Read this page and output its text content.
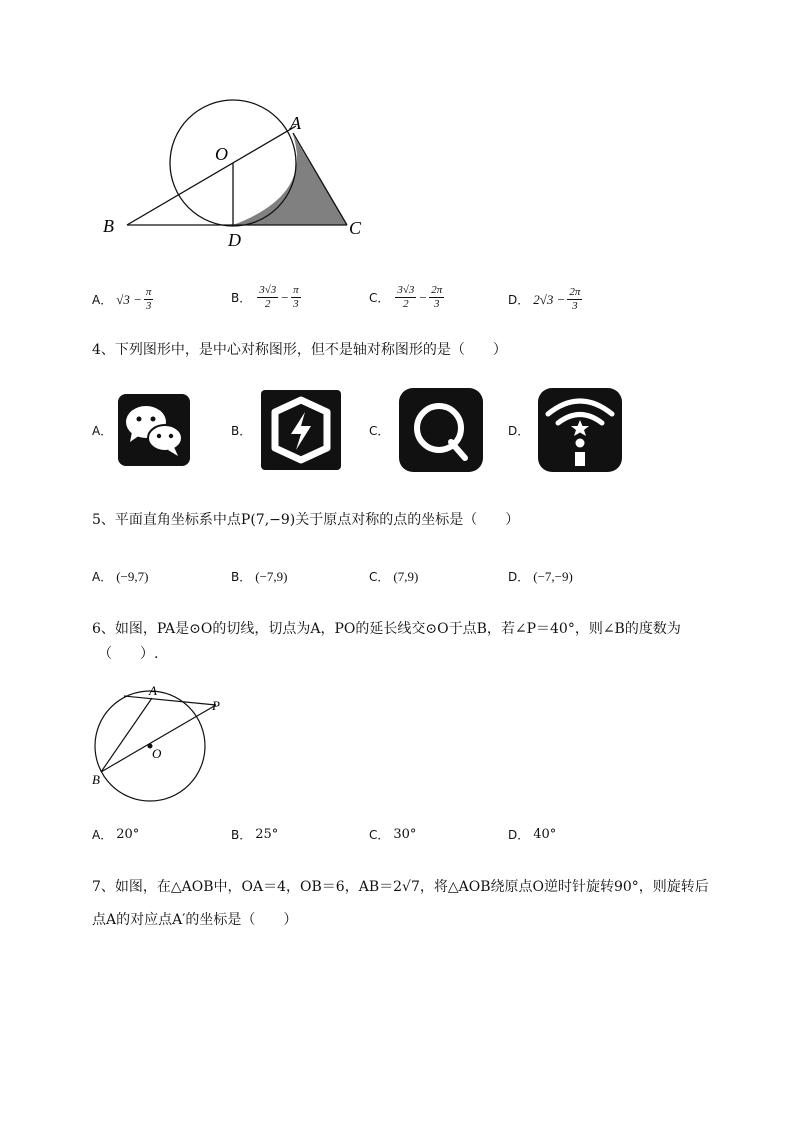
A
O
B
D
C
A． $√3 - \frac{\pi}{3}$	B． $\frac{3√3}{2} - \frac{\pi}{3}$	C． $\frac{3√3}{2} - \frac{2\pi}{3}$	D． $2√3 - \frac{2\pi}{3}$
4、下列图形中，是中心对称图形，但不是轴对称图形的是（　　）
A．	B．	C．	D．
5、平面直角坐标系中点P(7,−9)关于原点对称的点的坐标是（　　）
A． (−9,7)	B． (−7,9)	C． (7,9)	D． (−7,−9)
6、如图，PA是⊙O的切线，切点为A，PO的延长线交⊙O于点B，若∠P＝40°，则∠B的度数为
（　　）.
A
P
O
B
A． 20°	B． 25°	C． 30°	D． 40°
7、如图，在△AOB中，OA＝4，OB＝6，AB＝2√7，将△AOB绕原点O逆时针旋转90°，则旋转后
点A的对应点A′的坐标是（　　）
